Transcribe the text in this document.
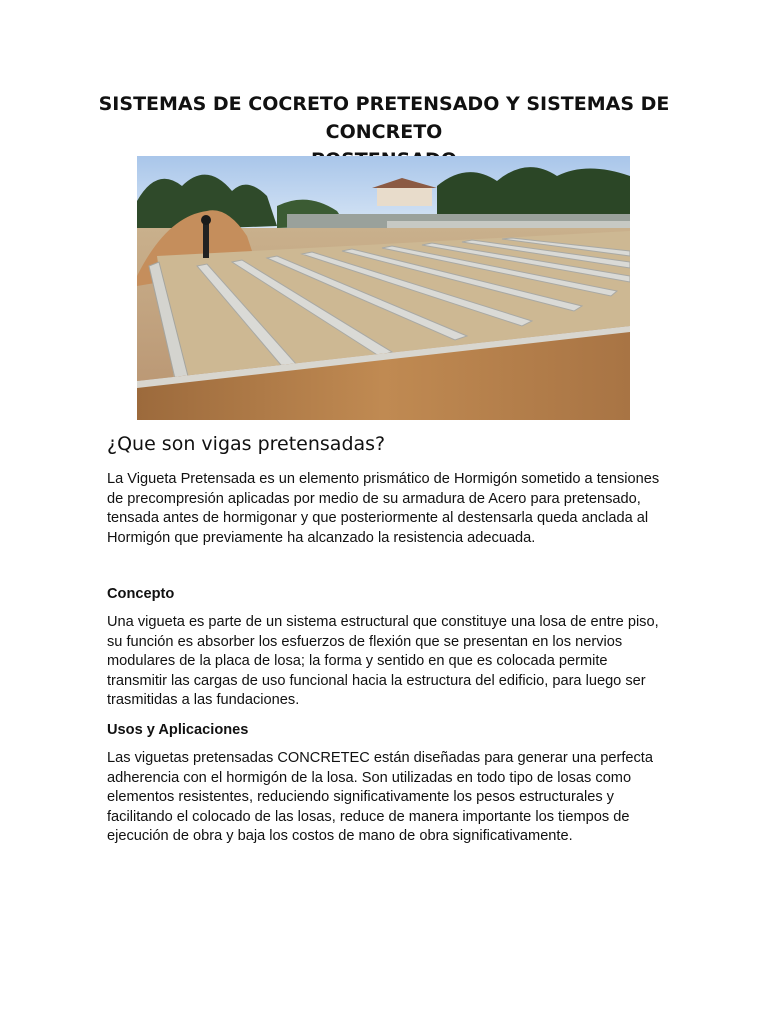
SISTEMAS DE COCRETO PRETENSADO Y SISTEMAS DE CONCRETO
¿Que son vigas pretensadas?
La Vigueta Pretensada es un elemento prismático de Hormigón sometido a tensiones de precompresión aplicadas por medio de su armadura de Acero para pretensado, tensada antes de hormigonar y que posteriormente al destensarla queda anclada al Hormigón que previamente ha alcanzado la resistencia adecuada.
Concepto
Una vigueta es parte de un sistema estructural que constituye una losa de entre piso, su función es absorber los esfuerzos de flexión que se presentan en los nervios modulares de la placa de losa; la forma y sentido en que es colocada permite transmitir las cargas de uso funcional hacia la estructura del edificio, para luego ser trasmitidas a las fundaciones.
Usos y Aplicaciones
Las viguetas pretensadas CONCRETEC están diseñadas para generar una perfecta adherencia con el hormigón de la losa. Son utilizadas en todo tipo de losas como elementos resistentes, reduciendo significativamente los pesos estructurales y facilitando el colocado de las losas, reduce de manera importante los tiempos de ejecución de obra y baja los costos de mano de obra significativamente.
